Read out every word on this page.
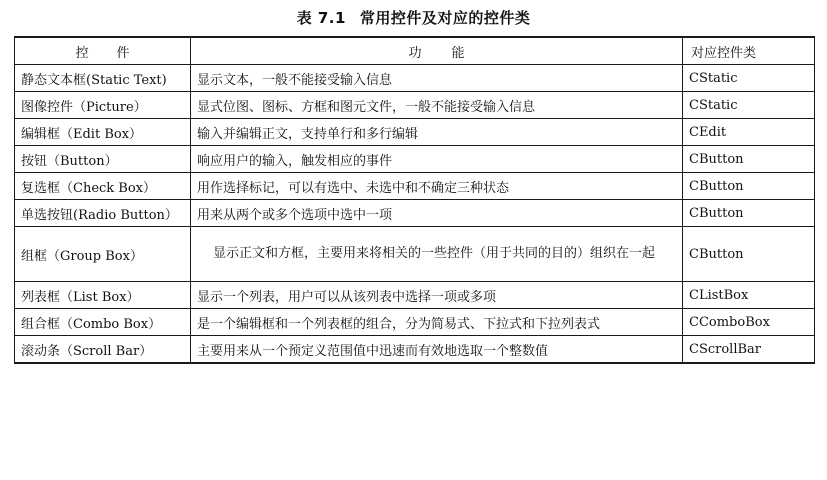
表 7.1 常用控件及对应的控件类
控件	功能	对应控件类
静态文本框(Static Text)	显示文本，一般不能接受输入信息	CStatic
图像控件（Picture）	显式位图、图标、方框和图元文件，一般不能接受输入信息	CStatic
编辑框（Edit Box）	输入并编辑正文，支持单行和多行编辑	CEdit
按钮（Button）	响应用户的输入，触发相应的事件	CButton
复选框（Check Box）	用作选择标记，可以有选中、未选中和不确定三种状态	CButton
单选按钮(Radio Button）	用来从两个或多个选项中选中一项	CButton
组框（Group Box）	显示正文和方框，主要用来将相关的一些控件（用于共同的目的）组织在一起	CButton
列表框（List Box）	显示一个列表，用户可以从该列表中选择一项或多项	CListBox
组合框（Combo Box）	是一个编辑框和一个列表框的组合，分为简易式、下拉式和下拉列表式	CComboBox
滚动条（Scroll Bar）	主要用来从一个预定义范围值中迅速而有效地选取一个整数值	CScrollBar
